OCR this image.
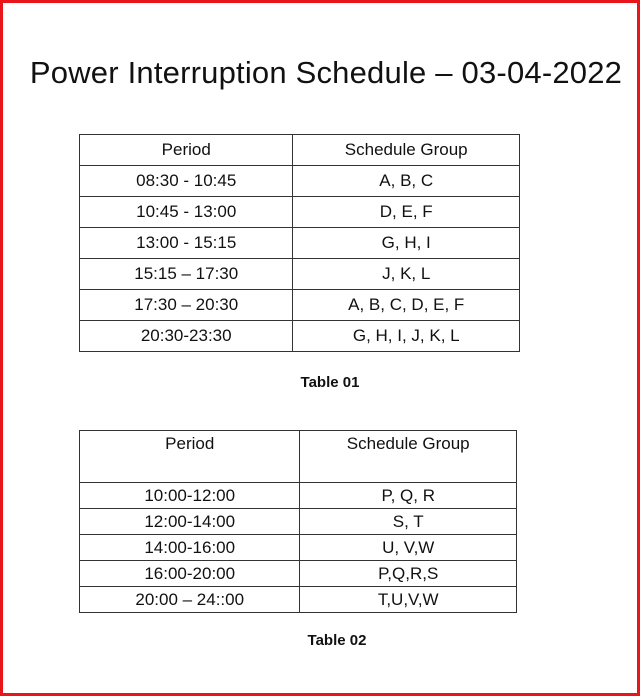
Power Interruption Schedule – 03-04-2022
Period	Schedule Group
08:30 - 10:45	A, B, C
10:45 - 13:00	D, E, F
13:00 - 15:15	G, H, I
15:15 – 17:30	J, K, L
17:30 – 20:30	A, B, C, D, E, F
20:30-23:30	G, H, I, J, K, L
Table 01
Period	Schedule Group
10:00-12:00	P, Q, R
12:00-14:00	S, T
14:00-16:00	U, V,W
16:00-20:00	P,Q,R,S
20:00 – 24::00	T,U,V,W
Table 02
